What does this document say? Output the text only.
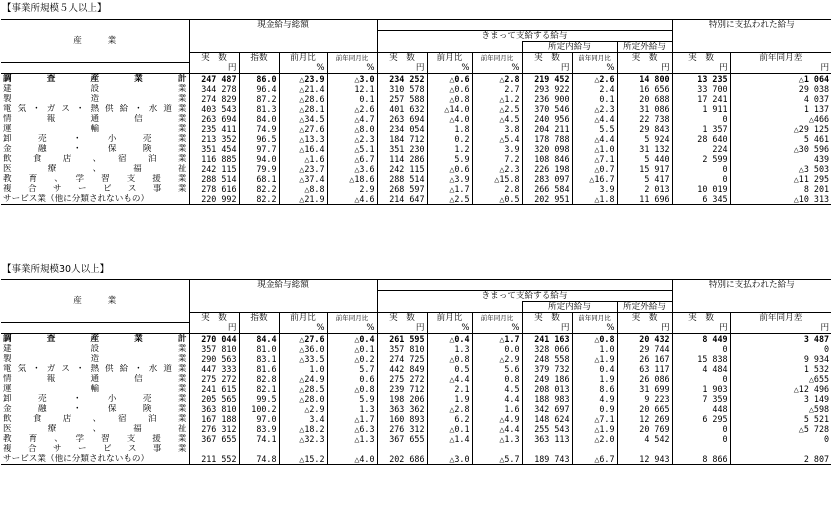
【事業所規模５人以上】
産　　　業	現金給与総額										特別に支払われた給与	
					きまって支給する給与							
								所定内給与		所定外給与		
	実　数	指数	前月比	前年同月比	実　数	前月比	前年同月比	実　数	前年同月比	実　数	実　数	前年同月差
	円		%	%	円	%	%	円	%	円	円	円
調　査　産　業　計	247 487	86.0	△23.9	△3.0	234 252	△0.6	△2.8	219 452	△2.6	14 800	13 235	△1 064
建　　　設　　　業	344 278	96.4	△21.4	12.1	310 578	△0.6	2.7	293 922	2.4	16 656	33 700	29 038
製　　　造　　　業	274 829	87.2	△28.6	0.1	257 588	△0.8	△1.2	236 900	0.1	20 688	17 241	4 037
電気・ガス・熱供給・水道業	403 543	81.3	△28.1	△2.6	401 632	△14.0	△2.5	370 546	△2.3	31 086	1 911	1 137
情　報　通　信　業	263 694	84.0	△34.5	△4.7	263 694	△4.0	△4.5	240 956	△4.4	22 738	0	△466
運　　　輸　　　業	235 411	74.9	△27.6	△8.0	234 054	1.8	3.8	204 211	5.5	29 843	1 357	△29 125
卸　売　・　小　売　業	213 352	96.5	△13.3	△2.3	184 712	0.2	△5.4	178 788	△4.4	5 924	28 640	5 461
金　融　・　保　険　業	351 454	97.7	△16.4	△5.1	351 230	1.2	3.9	320 098	△1.0	31 132	224	△30 596
飲　食　店　、　宿　泊　業	116 885	94.0	△1.6	△6.7	114 286	5.9	7.2	108 846	△7.1	5 440	2 599	439
医　療　、　福　祉	242 115	79.9	△23.7	△3.6	242 115	△0.6	△2.3	226 198	△0.7	15 917	0	△3 503
教　育　、　学　習　支　援　業	288 514	68.1	△37.4	△18.6	288 514	△3.9	△15.8	283 097	△16.7	5 417	0	△11 295
複　合　サ　ー　ビ　ス　事　業	278 616	82.2	△8.8	2.9	268 597	△1.7	2.8	266 584	3.9	2 013	10 019	8 201
サービス業（他に分類されないもの）	220 992	82.2	△21.9	△4.6	214 647	△2.5	△0.5	202 951	△1.8	11 696	6 345	△10 313
【事業所規模30人以上】
産　　　業	現金給与総額										特別に支払われた給与	
					きまって支給する給与							
								所定内給与		所定外給与		
	実　数	指数	前月比	前年同月比	実　数	前月比	前年同月比	実　数	前年同月比	実　数	実　数	前年同月差
	円		%	%	円	%	%	円	%	円	円	円
調　査　産　業　計	270 044	84.4	△27.6	△0.4	261 595	△0.4	△1.7	241 163	△0.8	20 432	8 449	3 487
建　　　設　　　業	357 810	81.0	△36.0	△0.1	357 810	1.3	0.0	328 066	1.0	29 744	0	0
製　　　造　　　業	290 563	83.1	△33.5	△0.2	274 725	△0.8	△2.9	248 558	△1.9	26 167	15 838	9 934
電気・ガス・熱供給・水道業	447 333	81.6	1.0	5.7	442 849	0.5	5.6	379 732	0.4	63 117	4 484	1 532
情　報　通　信　業	275 272	82.8	△24.9	0.6	275 272	△4.4	0.8	249 186	1.9	26 086	0	△655
運　　　輸　　　業	241 615	82.1	△28.5	△0.8	239 712	2.1	4.5	208 013	8.6	31 699	1 903	△12 496
卸　売　・　小　売　業	205 565	99.5	△28.0	5.9	198 206	1.9	4.4	188 983	4.9	9 223	7 359	3 149
金　融　・　保　険　業	363 810	100.2	△2.9	1.3	363 362	△2.8	1.6	342 697	0.9	20 665	448	△598
飲　食　店　、　宿　泊　業	167 188	97.0	3.4	△1.7	160 893	6.2	△4.9	148 624	△7.1	12 269	6 295	5 521
医　療　、　福　祉	276 312	83.9	△18.2	△6.3	276 312	△0.1	△4.4	255 543	△1.9	20 769	0	△5 728
教　育　、　学　習　支　援　業	367 655	74.1	△32.3	△1.3	367 655	△1.4	△1.3	363 113	△2.0	4 542	0	0
複　合　サ　ー　ビ　ス　事　業												
サービス業（他に分類されないもの）	211 552	74.8	△15.2	△4.0	202 686	△3.0	△5.7	189 743	△6.7	12 943	8 866	2 807
